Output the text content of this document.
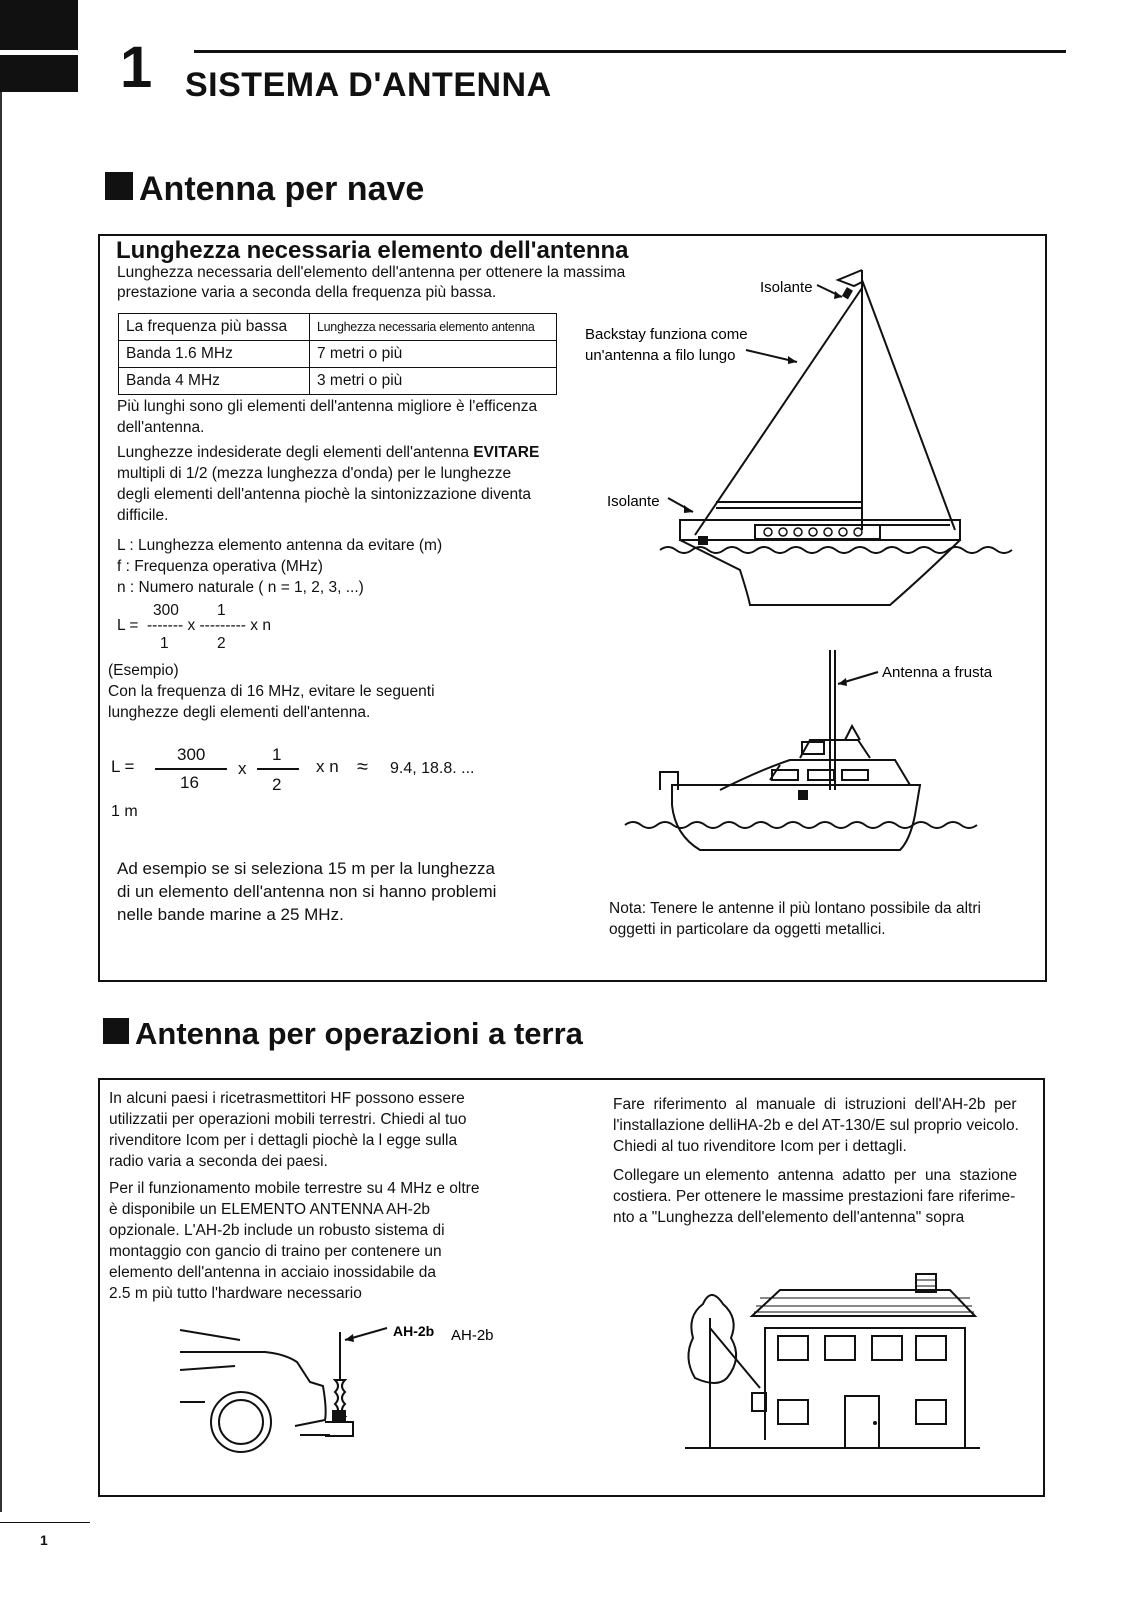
1 SISTEMA D'ANTENNA
Antenna per nave
Lunghezza necessaria elemento dell'antenna
Lunghezza necessaria dell'elemento dell'antenna per ottenere la massima
prestazione varia a seconda della frequenza più bassa.
La frequenza più bassa	Lunghezza necessaria elemento antenna
Banda 1.6 MHz	7 metri o più
Banda 4 MHz	3 metri o più
Più lunghi sono gli elementi dell'antenna migliore è l'efficenza
dell'antenna.
Lunghezze indesiderate degli elementi dell'antenna EVITARE
multipli di 1/2 (mezza lunghezza d'onda) per le lunghezze
degli elementi dell'antenna piochè la sintonizzazione diventa
difficile.
L : Lunghezza elemento antenna da evitare (m)
f : Frequenza operativa (MHz)
n : Numero naturale ( n = 1, 2, 3, ...)
300 1
L =  ------- x --------- x n
1	2
(Esempio)
Con la frequenza di 16 MHz, evitare le seguenti
lunghezze degli elementi dell'antenna.
L =
300
16
x
1
2
x n ≈ 9.4, 18.8. ...
1 m
Ad esempio se si seleziona 15 m per la lunghezza
di un elemento dell'antenna non si hanno problemi
nelle bande marine a 25 MHz.
Isolante
Backstay funziona come
un'antenna a filo lungo
Isolante
Antenna a frusta
Nota: Tenere le antenne il più lontano possibile da altri
oggetti in particolare da oggetti metallici.
Antenna per operazioni a terra
In alcuni paesi i ricetrasmettitori HF possono essere
utilizzatii per operazioni mobili terrestri. Chiedi al tuo
rivenditore Icom per i dettagli piochè la l egge sulla
radio varia a seconda dei paesi.
Per il funzionamento mobile terrestre su 4 MHz e oltre
è disponibile un ELEMENTO ANTENNA AH-2b
opzionale. L'AH-2b include un robusto sistema di
montaggio con gancio di traino per contenere un
elemento dell'antenna in acciaio inossidabile da
2.5 m più tutto l'hardware necessario
Fare  riferimento  al  manuale  di  istruzioni  dell'AH-2b  per
l'installazione delliHA-2b e del AT-130/E sul proprio veicolo.
Chiedi al tuo rivenditore Icom per i dettagli.
Collegare un elemento  antenna  adatto  per  una  stazione
costiera. Per ottenere le massime prestazioni fare riferime-
nto a "Lunghezza dell'elemento dell'antenna" sopra
AH-2b AH-2b
1
